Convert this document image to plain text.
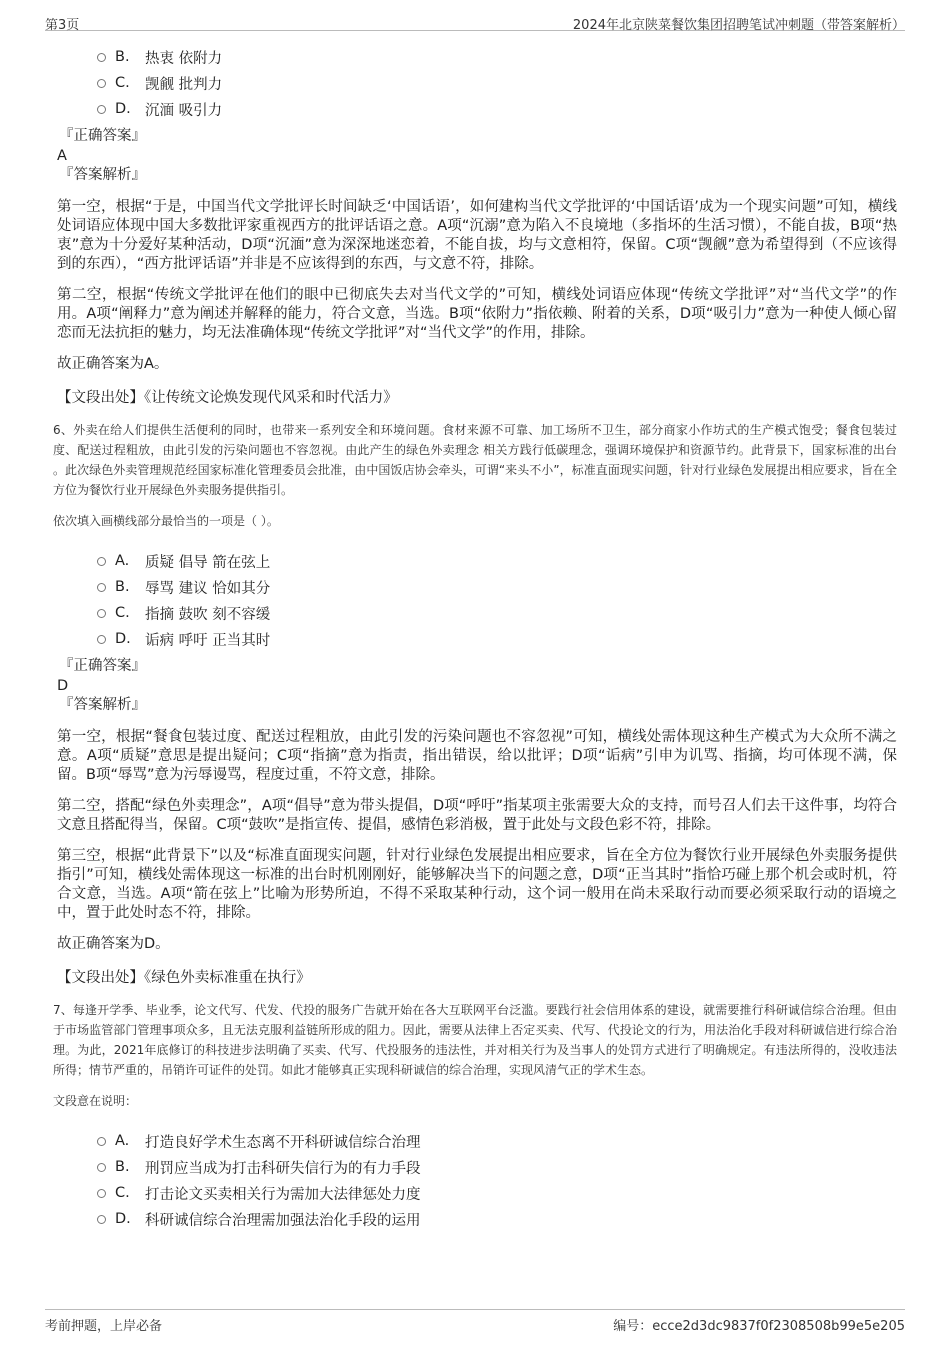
第3页	2024年北京陕菜餐饮集团招聘笔试冲刺题（带答案解析）
B.	热衷 依附力
C.	觊觎 批判力
D. 沉湎 吸引力
『正确答案』
A
『答案解析』

第一空，根据“于是，中国当代文学批评长时间缺乏‘中国话语’，如何建构当代文学批评的‘中国话语’成为一个现实问题”可知，横线处词语应体现中国大多数批评家重视西方的批评话语之意。A项“沉溺”意为陷入不良境地（多指坏的生活习惯），不能自拔，B项“热衷”意为十分爱好某种活动，D项“沉湎”意为深深地迷恋着，不能自拔，均与文意相符，保留。C项“觊觎”意为希望得到（不应该得到的东西），“西方批评话语”并非是不应该得到的东西，与文意不符，排除。

第二空，根据“传统文学批评在他们的眼中已彻底失去对当代文学的”可知，横线处词语应体现“传统文学批评”对“当代文学”的作用。A项“阐释力”意为阐述并解释的能力，符合文意，当选。B项“依附力”指依赖、附着的关系，D项“吸引力”意为一种使人倾心留恋而无法抗拒的魅力，均无法准确体现“传统文学批评”对“当代文学”的作用，排除。

故正确答案为A。

【文段出处】《让传统文论焕发现代风采和时代活力》

6、外卖在给人们提供生活便利的同时，也带来一系列安全和环境问题。食材来源不可靠、加工场所不卫生，部分商家小作坊式的生产模式饱受；餐食包装过度、配送过程粗放，由此引发的污染问题也不容忽视。由此产生的绿色外卖理念 相关方践行低碳理念，强调环境保护和资源节约。此背景下，国家标准的出台 。此次绿色外卖管理规范经国家标准化管理委员会批准，由中国饭店协会牵头，可谓“来头不小”，标准直面现实问题，针对行业绿色发展提出相应要求，旨在全方位为餐饮行业开展绿色外卖服务提供指引。

依次填入画横线部分最恰当的一项是（ ）。

A.	质疑 倡导 箭在弦上
B.	辱骂 建议 恰如其分
C.	指摘 鼓吹 刻不容缓
D. 诟病 呼吁 正当其时
『正确答案』
D
『答案解析』

第一空，根据“餐食包装过度、配送过程粗放，由此引发的污染问题也不容忽视”可知，横线处需体现这种生产模式为大众所不满之意。A项“质疑”意思是提出疑问；C项“指摘”意为指责，指出错误，给以批评；D项“诟病”引申为讥骂、指摘，均可体现不满，保留。B项“辱骂”意为污辱谩骂，程度过重，不符文意，排除。

第二空，搭配“绿色外卖理念”，A项“倡导”意为带头提倡，D项“呼吁”指某项主张需要大众的支持，而号召人们去干这件事，均符合文意且搭配得当，保留。C项“鼓吹”是指宣传、提倡，感情色彩消极，置于此处与文段色彩不符，排除。

第三空，根据“此背景下”以及“标准直面现实问题，针对行业绿色发展提出相应要求，旨在全方位为餐饮行业开展绿色外卖服务提供指引”可知，横线处需体现这一标准的出台时机刚刚好，能够解决当下的问题之意，D项“正当其时”指恰巧碰上那个机会或时机，符合文意，当选。A项“箭在弦上”比喻为形势所迫，不得不采取某种行动，这个词一般用在尚未采取行动而要必须采取行动的语境之中，置于此处时态不符，排除。

故正确答案为D。

【文段出处】《绿色外卖标准重在执行》

7、每逢开学季、毕业季，论文代写、代发、代投的服务广告就开始在各大互联网平台泛滥。要践行社会信用体系的建设，就需要推行科研诚信综合治理。但由于市场监管部门管理事项众多，且无法克服利益链所形成的阻力。因此，需要从法律上否定买卖、代写、代投论文的行为，用法治化手段对科研诚信进行综合治理。为此，2021年底修订的科技进步法明确了买卖、代写、代投服务的违法性，并对相关行为及当事人的处罚方式进行了明确规定。有违法所得的，没收违法所得；情节严重的，吊销许可证件的处罚。如此才能够真正实现科研诚信的综合治理，实现风清气正的学术生态。

文段意在说明：

A.	打造良好学术生态离不开科研诚信综合治理
B.	刑罚应当成为打击科研失信行为的有力手段
C.	打击论文买卖相关行为需加大法律惩处力度
D. 科研诚信综合治理需加强法治化手段的运用
考前押题，上岸必备	编号：ecce2d3dc9837f0f2308508b99e5e205
